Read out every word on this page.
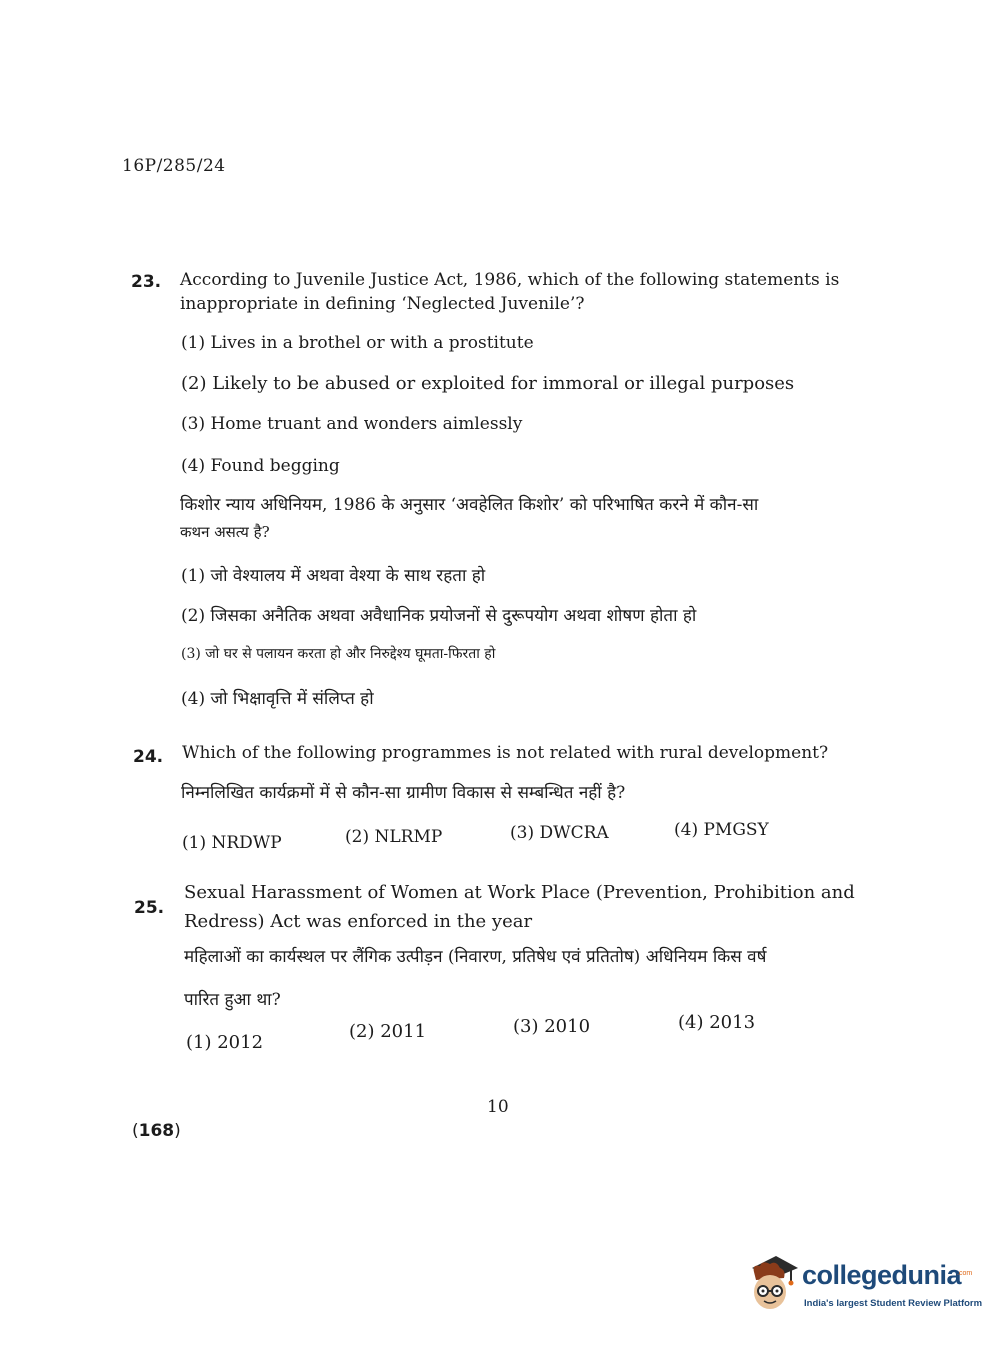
16P/285/24
23. According to Juvenile Justice Act, 1986, which of the following statements is
inappropriate in defining ‘Neglected Juvenile’?
(1) Lives in a brothel or with a prostitute
(2) Likely to be abused or exploited for immoral or illegal purposes
(3) Home truant and wonders aimlessly
(4) Found begging
किशोर न्याय अधिनियम, 1986 के अनुसार ‘अवहेलित किशोर’ को परिभाषित करने में कौन-सा
कथन असत्य है?
(1) जो वेश्यालय में अथवा वेश्या के साथ रहता हो
(2) जिसका अनैतिक अथवा अवैधानिक प्रयोजनों से दुरूपयोग अथवा शोषण होता हो
(3) जो घर से पलायन करता हो और निरुद्देश्य घूमता-फिरता हो
(4) जो भिक्षावृत्ति में संलिप्त हो
24. Which of the following programmes is not related with rural development?
निम्नलिखित कार्यक्रमों में से कौन-सा ग्रामीण विकास से सम्बन्धित नहीं है?
(1) NRDWP	(2) NLRMP	(3) DWCRA	(4) PMGSY
25.
Sexual Harassment of Women at Work Place (Prevention, Prohibition and
Redress) Act was enforced in the year
महिलाओं का कार्यस्थल पर लैंगिक उत्पीड़न (निवारण, प्रतिषेध एवं प्रतितोष) अधिनियम किस वर्ष
पारित हुआ था?
(1) 2012
(2) 2011	(3) 2010	(4) 2013
10
(168)
collegedunia
.com
India's largest Student Review Platform
